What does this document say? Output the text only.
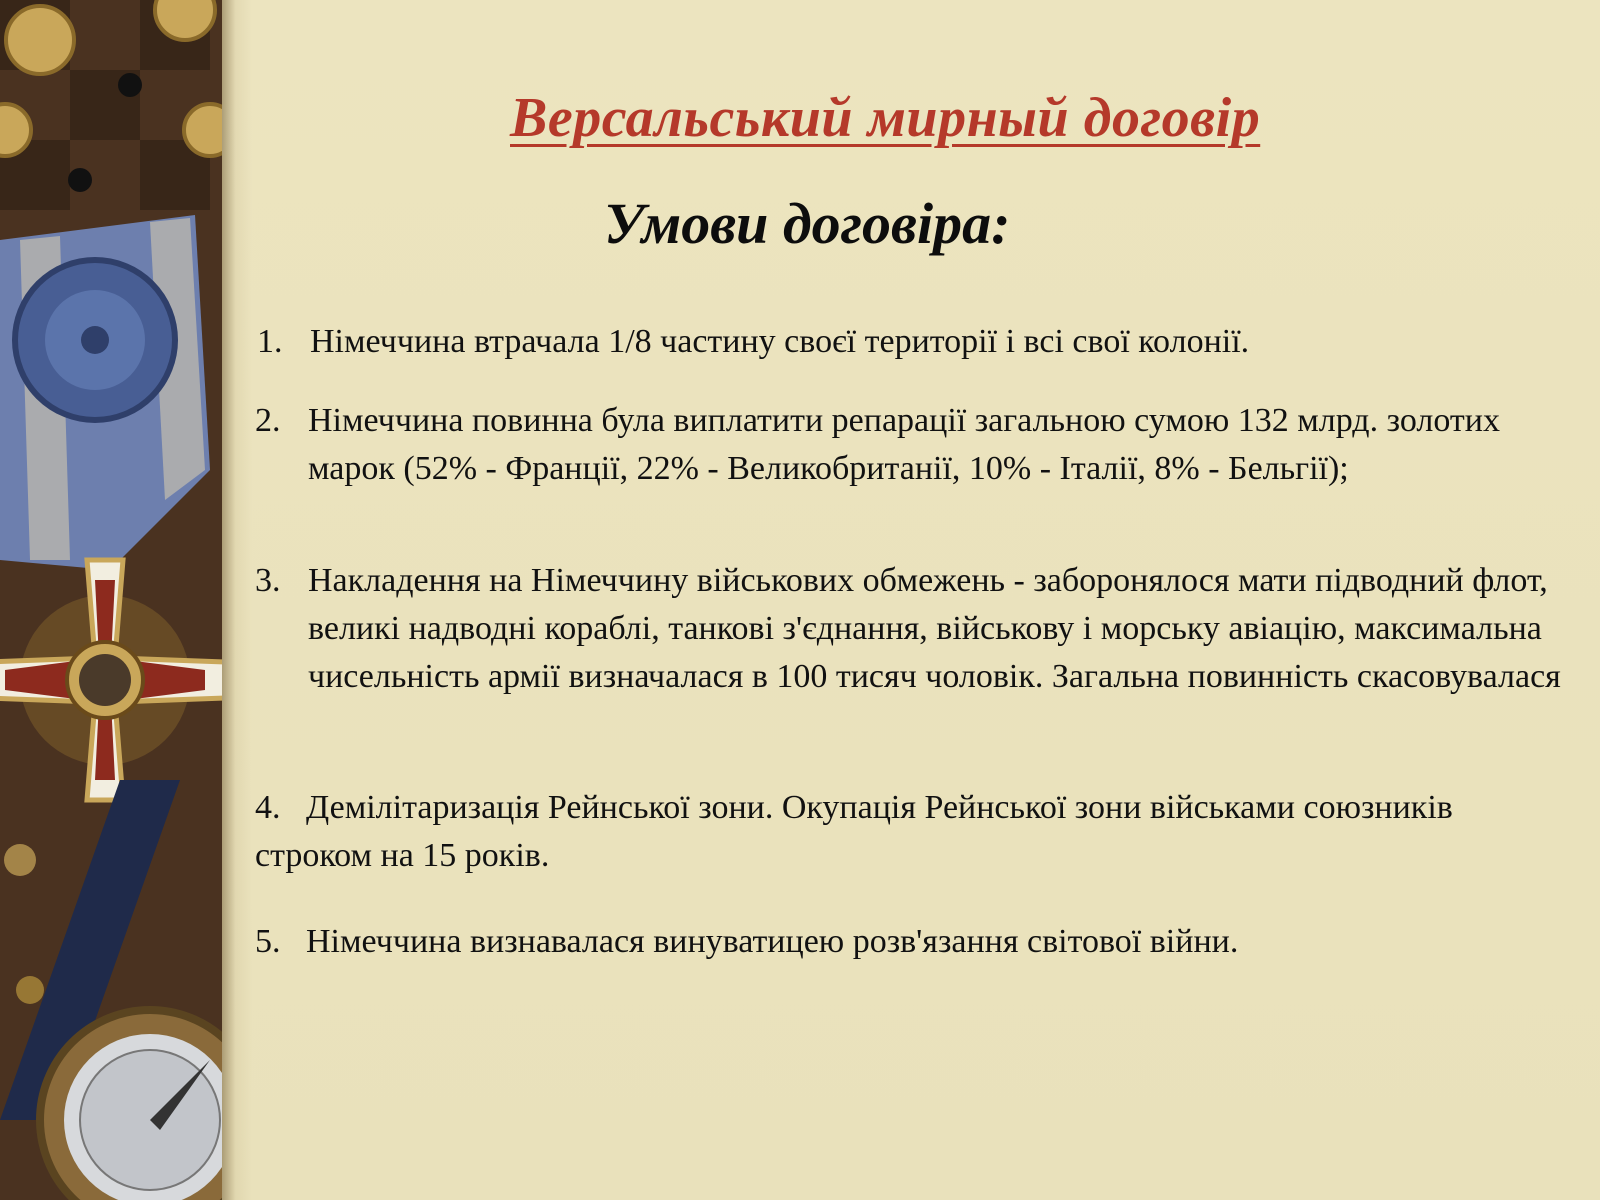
Версальський мирный договір
Умови договіра:
1. Німеччина втрачала 1/8 частину своєї території і всі свої колонії.
2. Німеччина повинна була виплатити репарації загальною сумою 132 млрд. золотих марок (52% - Франції, 22% - Великобританії, 10% - Італії, 8% - Бельгії);
3. Накладення на Німеччину військових обмежень - заборонялося мати підводний флот, великі надводні кораблі, танкові з'єднання, військову і морську авіацію, максимальна чисельність армії визначалася в 100 тисяч чоловік. Загальна повинність скасовувалася
4. Демілітаризація Рейнської зони. Окупація Рейнської зони військами союзників строком на 15 років.
5. Німеччина визнавалася винуватицею розв'язання світової війни.
